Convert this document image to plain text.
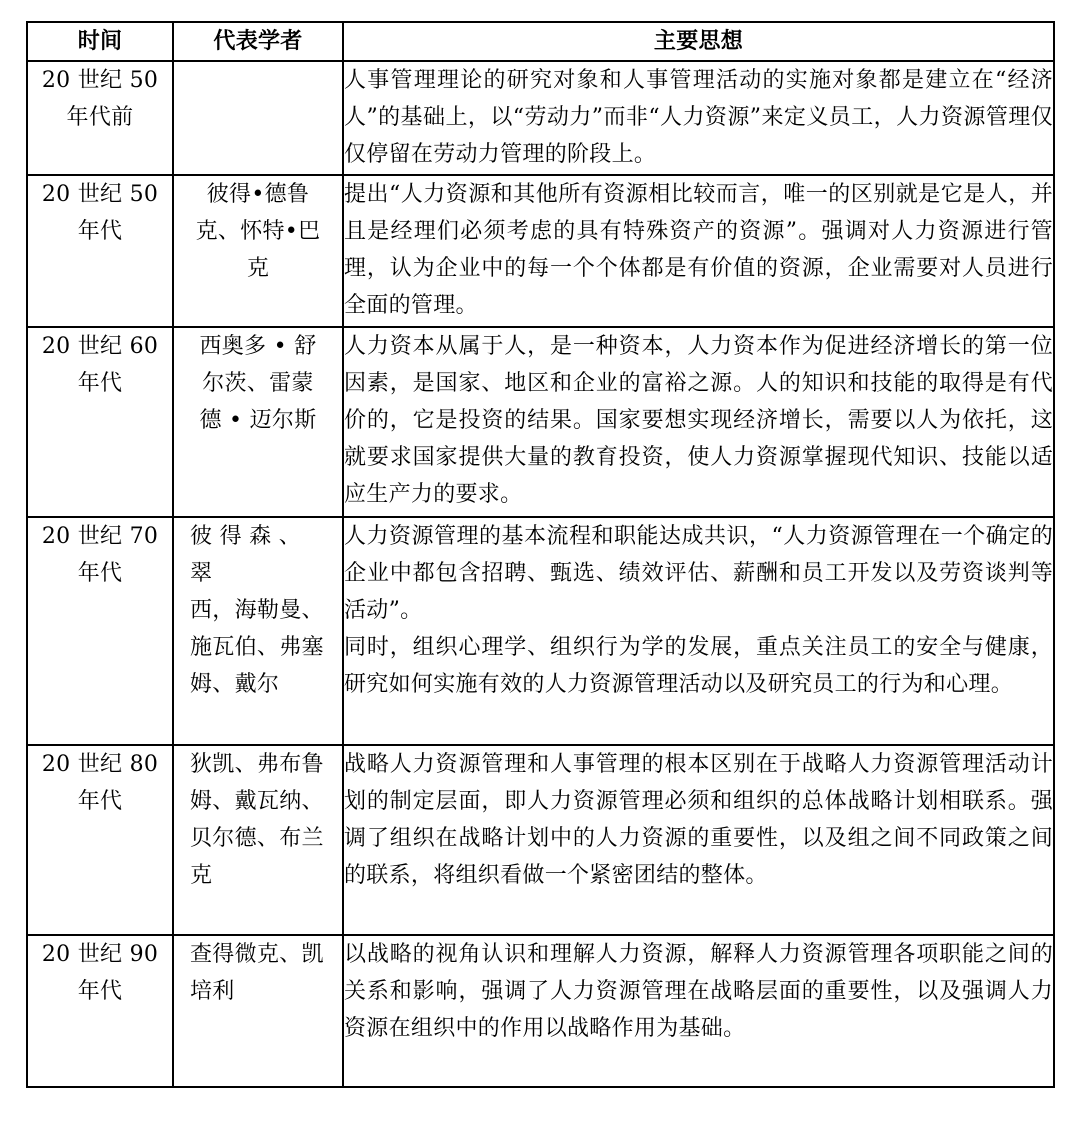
时间	代表学者	主要思想

20 世纪 50
年代前		人事管理理论的研究对象和人事管理活动的实施对象都是建立在“经济人”的基础上，以“劳动力”而非“人力资源”来定义员工，人力资源管理仅仅停留在劳动力管理的阶段上。

20 世纪 50
年代	彼得•德鲁
克、怀特•巴
克	提出“人力资源和其他所有资源相比较而言，唯一的区别就是它是人，并且是经理们必须考虑的具有特殊资产的资源”。强调对人力资源进行管理，认为企业中的每一个个体都是有价值的资源，企业需要对人员进行全面的管理。

20 世纪 60
年代	西奥多 • 舒
尔茨、雷蒙
德 • 迈尔斯	人力资本从属于人，是一种资本，人力资本作为促进经济增长的第一位因素，是国家、地区和企业的富裕之源。人的知识和技能的取得是有代价的，它是投资的结果。国家要想实现经济增长，需要以人为依托，这就要求国家提供大量的教育投资，使人力资源掌握现代知识、技能以适应生产力的要求。

20 世纪 70
年代	彼 得 森 、 翠
西，海勒曼、
施瓦伯、弗塞
姆、戴尔	人力资源管理的基本流程和职能达成共识，“人力资源管理在一个确定的企业中都包含招聘、甄选、绩效评估、薪酬和员工开发以及劳资谈判等活动”。
同时，组织心理学、组织行为学的发展，重点关注员工的安全与健康，研究如何实施有效的人力资源管理活动以及研究员工的行为和心理。

20 世纪 80
年代	狄凯、弗布鲁
姆、戴瓦纳、
贝尔德、布兰
克	战略人力资源管理和人事管理的根本区别在于战略人力资源管理活动计划的制定层面，即人力资源管理必须和组织的总体战略计划相联系。强调了组织在战略计划中的人力资源的重要性，以及组之间不同政策之间的联系，将组织看做一个紧密团结的整体。

20 世纪 90
年代	查得微克、凯
培利	以战略的视角认识和理解人力资源，解释人力资源管理各项职能之间的关系和影响，强调了人力资源管理在战略层面的重要性，以及强调人力资源在组织中的作用以战略作用为基础。
